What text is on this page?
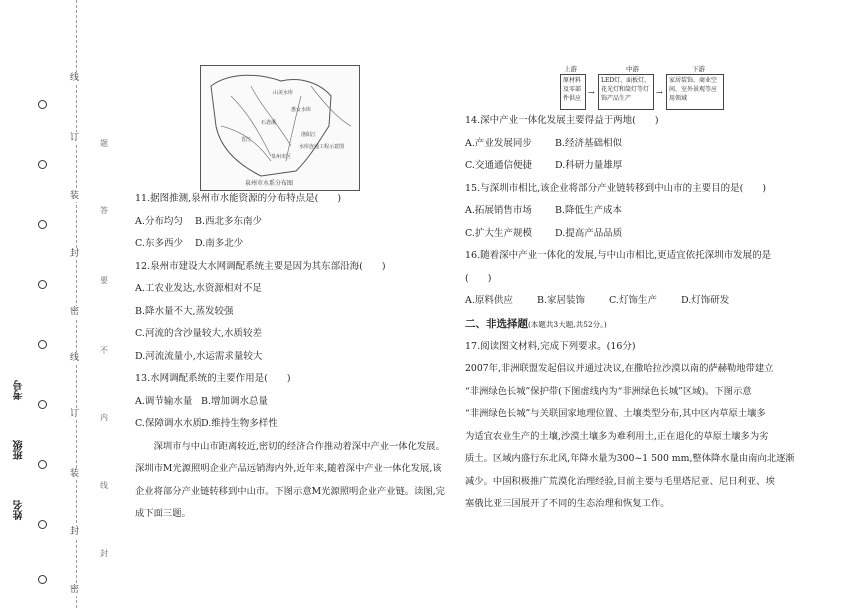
线
订
装
封
密
线
订
装
封
密
考号
班级
姓名
题
答
要
不
内
线
封
山美水库
惠女水库
石砻溪
晋江
洛阳江
泉州市区
水库连通工程示意图
泉州市水系分布图
上游	中游	下游
原材料及零部件供应
→
LED灯、面板灯、花光灯和筒灯等灯饰产品生产
→
家居装饰、商业空间、室外景观等应用领域
11.据图推测,泉州市水能资源的分布特点是(　　)
A.分布均匀 B.西北多东南少
C.东多西少 D.南多北少
12.泉州市建设大水网调配系统主要是因为其东部沿海(　　)
A.工农业发达,水资源相对不足
B.降水量不大,蒸发较强
C.河流的含沙量较大,水质较差
D.河流流量小,水运需求量较大
13.水网调配系统的主要作用是(　　)
A.调节输水量 B.增加调水总量
C.保障调水水质D.维持生物多样性

深圳市与中山市距离较近,密切的经济合作推动着深中产业一体化发展。

深圳市M光源照明企业产品远销海内外,近年来,随着深中产业一体化发展,该

企业将部分产业链转移到中山市。下图示意M光源照明企业产业链。读图,完

成下面三题。

14.深中产业一体化发展主要得益于两地(　　)
A.产业发展同步 B.经济基础相似
C.交通通信便捷 D.科研力量雄厚
15.与深圳市相比,该企业将部分产业链转移到中山市的主要目的是(　　)
A.拓展销售市场 B.降低生产成本
C.扩大生产规模 D.提高产品品质
16.随着深中产业一体化的发展,与中山市相比,更适宜依托深圳市发展的是
(　　)
A.原料供应	B.家居装饰	C.灯饰生产	D.灯饰研发
二、非选择题(本题共3大题,共52分。)
17.阅读图文材料,完成下列要求。(16分)

2007年,非洲联盟发起倡议并通过决议,在撒哈拉沙漠以南的萨赫勒地带建立

“非洲绿色长城”保护带(下图虚线内为“非洲绿色长城”区域)。下图示意

“非洲绿色长城”与关联国家地理位置、土壤类型分布,其中区内草原土壤多

为适宜农业生产的土壤,沙漠土壤多为难利用土,正在退化的草原土壤多为劣

质土。区域内盛行东北风,年降水量为300~1 500 mm,整体降水量由南向北逐渐

减少。中国积极推广荒漠化治理经验,目前主要与毛里塔尼亚、尼日利亚、埃

塞俄比亚三国展开了不同的生态治理和恢复工作。
